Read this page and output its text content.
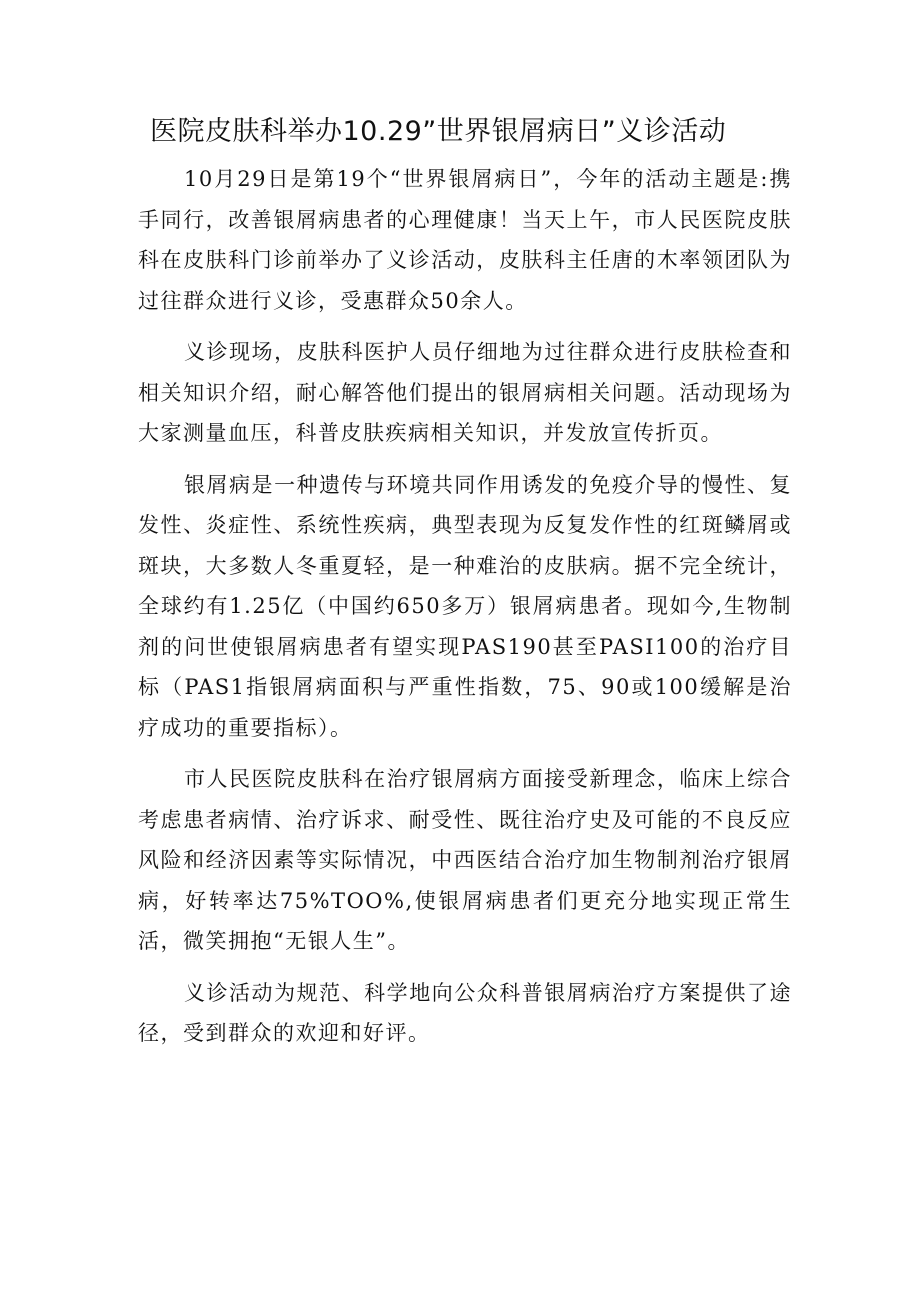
医院皮肤科举办10.29”世界银屑病日”义诊活动

10月29日是第19个“世界银屑病日”，今年的活动主题是:携手同行，改善银屑病患者的心理健康！当天上午，市人民医院皮肤科在皮肤科门诊前举办了义诊活动，皮肤科主任唐的木率领团队为过往群众进行义诊，受惠群众50余人。

义诊现场，皮肤科医护人员仔细地为过往群众进行皮肤检查和相关知识介绍，耐心解答他们提出的银屑病相关问题。活动现场为大家测量血压，科普皮肤疾病相关知识，并发放宣传折页。

银屑病是一种遗传与环境共同作用诱发的免疫介导的慢性、复发性、炎症性、系统性疾病，典型表现为反复发作性的红斑鳞屑或斑块，大多数人冬重夏轻，是一种难治的皮肤病。据不完全统计，全球约有1.25亿（中国约650多万）银屑病患者。现如今,生物制剂的问世使银屑病患者有望实现PAS190甚至PASI100的治疗目标（PAS1指银屑病面积与严重性指数，75、90或100缓解是治疗成功的重要指标）。

市人民医院皮肤科在治疗银屑病方面接受新理念，临床上综合考虑患者病情、治疗诉求、耐受性、既往治疗史及可能的不良反应风险和经济因素等实际情况，中西医结合治疗加生物制剂治疗银屑病，好转率达75%TOO%,使银屑病患者们更充分地实现正常生活，微笑拥抱“无银人生”。

义诊活动为规范、科学地向公众科普银屑病治疗方案提供了途径，受到群众的欢迎和好评。
